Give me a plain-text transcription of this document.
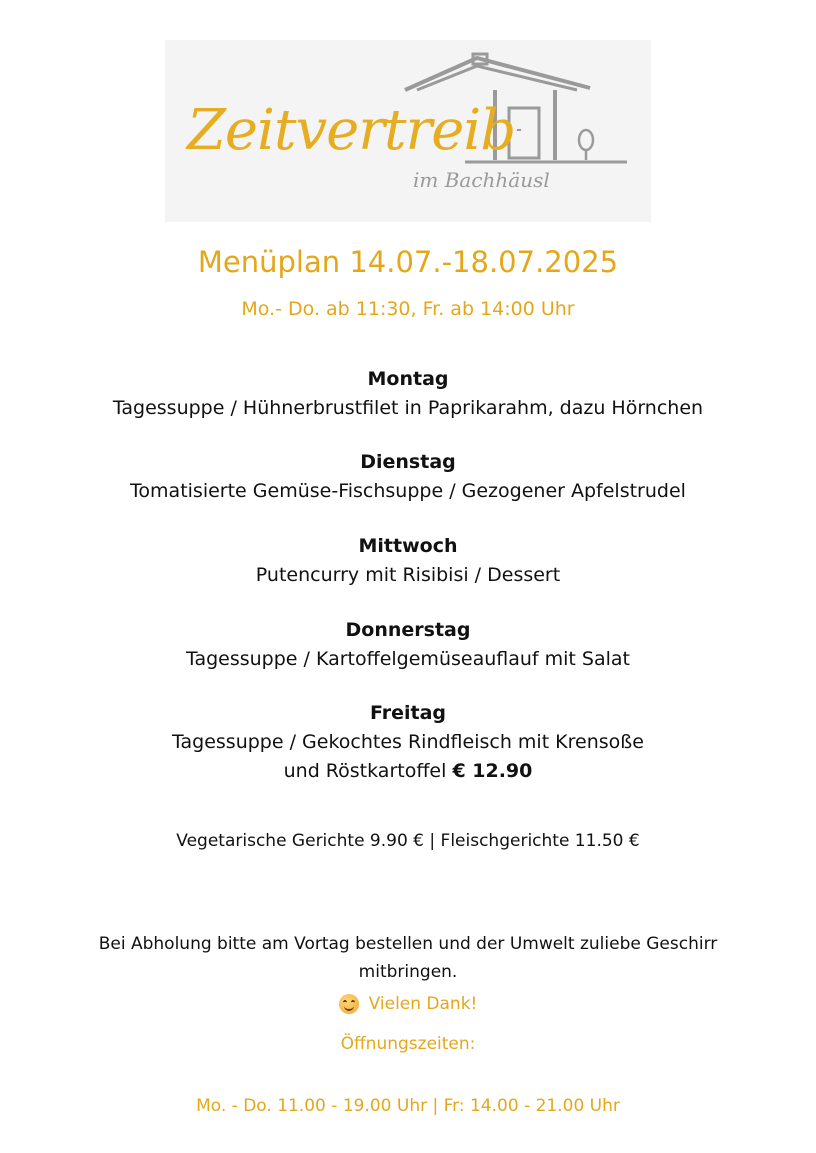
Zeitvertreib
im Bachhäusl
Menüplan 14.07.-18.07.2025
Mo.- Do. ab 11:30, Fr. ab 14:00 Uhr
Montag
Tagessuppe / Hühnerbrustfilet in Paprikarahm, dazu Hörnchen
Dienstag
Tomatisierte Gemüse-Fischsuppe / Gezogener Apfelstrudel
Mittwoch
Putencurry mit Risibisi / Dessert
Donnerstag
Tagessuppe / Kartoffelgemüseauflauf mit Salat
Freitag
Tagessuppe / Gekochtes Rindfleisch mit Krensoße
und Röstkartoffel € 12.90
Vegetarische Gerichte 9.90 € | Fleischgerichte 11.50 €
Bei Abholung bitte am Vortag bestellen und der Umwelt zuliebe Geschirr
mitbringen.
Vielen Dank!
Öffnungszeiten:
Mo. - Do. 11.00 - 19.00 Uhr | Fr: 14.00 - 21.00 Uhr
